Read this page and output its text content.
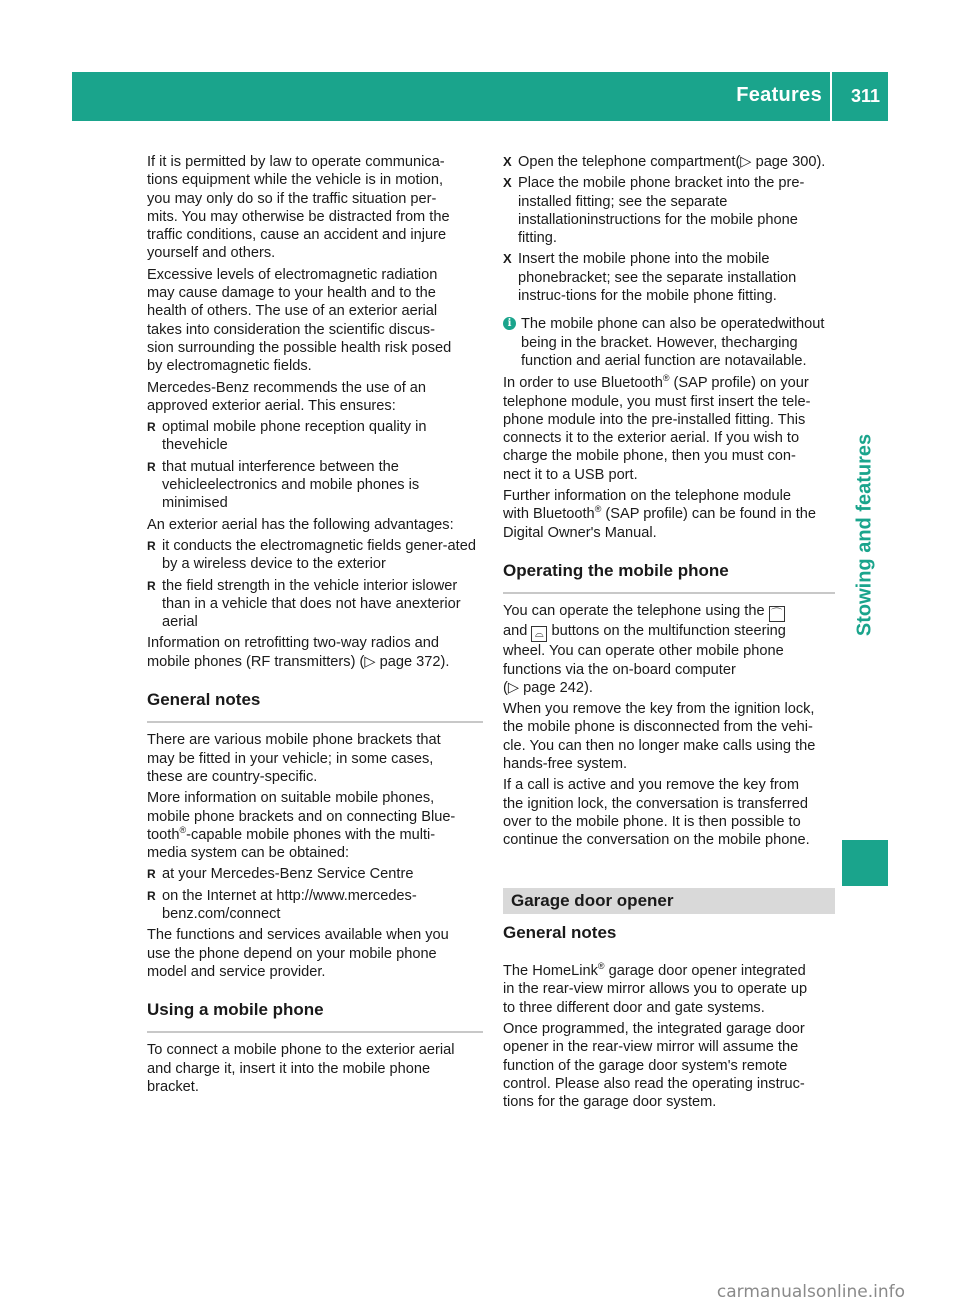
Features 311
Stowing and features
If it is permitted by law to operate communica-
tions equipment while the vehicle is in motion,
you may only do so if the traffic situation per-
mits. You may otherwise be distracted from the
traffic conditions, cause an accident and injure
yourself and others.
Excessive levels of electromagnetic radiation
may cause damage to your health and to the
health of others. The use of an exterior aerial
takes into consideration the scientific discus-
sion surrounding the possible health risk posed
by electromagnetic fields.
Mercedes-Benz recommends the use of an
approved exterior aerial. This ensures:
R optimal mobile phone reception quality in thevehicle
R that mutual interference between the vehicleelectronics and mobile phones is minimised
An exterior aerial has the following advantages:
R it conducts the electromagnetic fields gener-ated by a wireless device to the exterior
R the field strength in the vehicle interior islower than in a vehicle that does not have anexterior aerial
Information on retrofitting two-way radios and
mobile phones (RF transmitters) (▷ page 372).
General notes
There are various mobile phone brackets that
may be fitted in your vehicle; in some cases,
these are country-specific.
More information on suitable mobile phones,
mobile phone brackets and on connecting Blue-
tooth®-capable mobile phones with the multi-
media system can be obtained:
R at your Mercedes-Benz Service Centre
R on the Internet at http://www.mercedes-benz.com/connect
The functions and services available when you
use the phone depend on your mobile phone
model and service provider.
Using a mobile phone
To connect a mobile phone to the exterior aerial
and charge it, insert it into the mobile phone
bracket.
X Open the telephone compartment(▷ page 300).
X Place the mobile phone bracket into the pre-installed fitting; see the separate installationinstructions for the mobile phone fitting.
X Insert the mobile phone into the mobile phonebracket; see the separate installation instruc-tions for the mobile phone fitting.
i The mobile phone can also be operatedwithout being in the bracket. However, thecharging function and aerial function are notavailable.
In order to use Bluetooth® (SAP profile) on your
telephone module, you must first insert the tele-
phone module into the pre-installed fitting. This
connects it to the exterior aerial. If you wish to
charge the mobile phone, then you must con-
nect it to a USB port.
Further information on the telephone module
with Bluetooth® (SAP profile) can be found in the
Digital Owner's Manual.
Operating the mobile phone
You can operate the telephone using the ⌒
and ⌓ buttons on the multifunction steering
wheel. You can operate other mobile phone
functions via the on-board computer
(▷ page 242).
When you remove the key from the ignition lock,
the mobile phone is disconnected from the vehi-
cle. You can then no longer make calls using the
hands-free system.
If a call is active and you remove the key from
the ignition lock, the conversation is transferred
over to the mobile phone. It is then possible to
continue the conversation on the mobile phone.
Garage door opener
General notes
The HomeLink® garage door opener integrated
in the rear-view mirror allows you to operate up
to three different door and gate systems.
Once programmed, the integrated garage door
opener in the rear-view mirror will assume the
function of the garage door system's remote
control. Please also read the operating instruc-
tions for the garage door system.
carmanualsonline.info
